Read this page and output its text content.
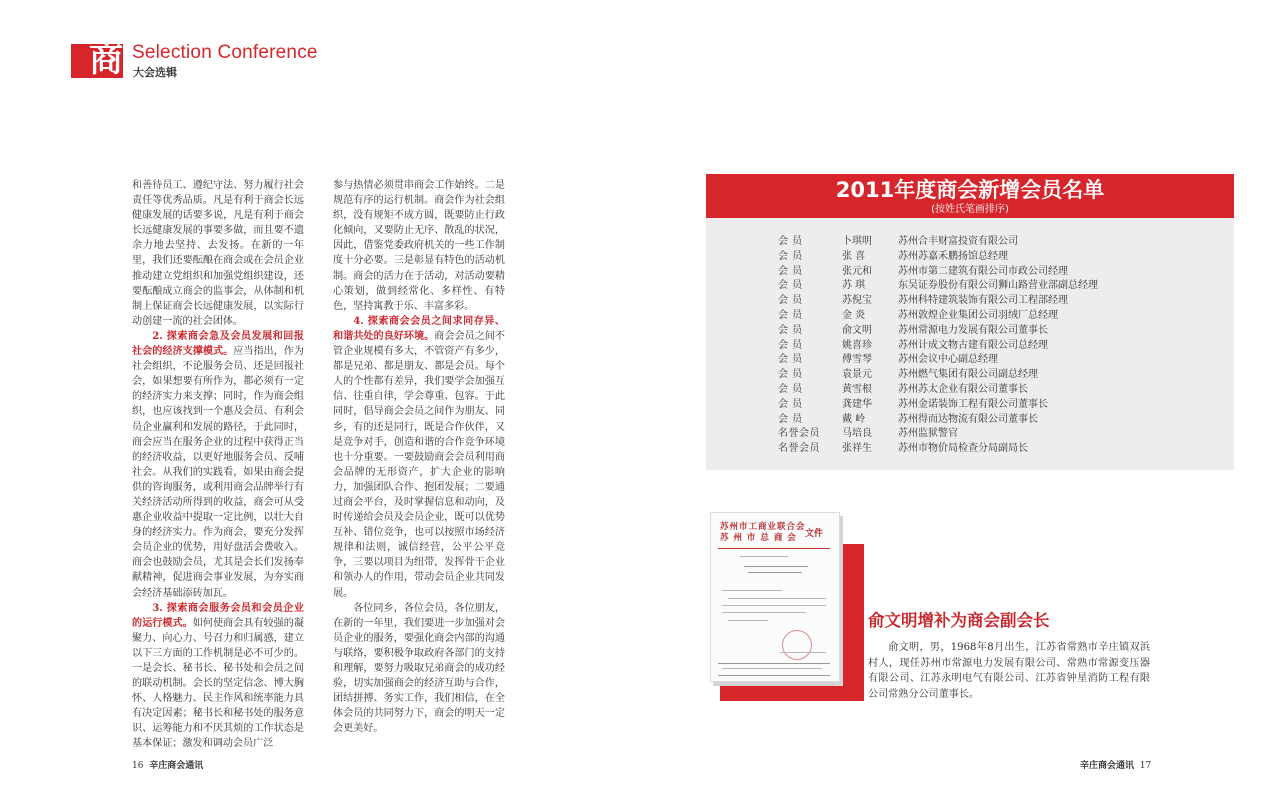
商 Selection Conference
大会选辑

和善待员工、遵纪守法、努力履行社会责任等优秀品质。凡是有利于商会长远健康发展的话要多说，凡是有利于商会长远健康发展的事要多做，而且要不遗余力地去坚持、去发扬。在新的一年里，我们还要酝酿在商会或在会员企业推动建立党组织和加强党组织建设，还要酝酿成立商会的监事会，从体制和机制上保证商会长远健康发展，以实际行动创建一流的社会团体。

2. 探索商会急及会员发展和回报社会的经济支撑模式。应当指出，作为社会组织，不论服务会员、还是回报社会，如果想要有所作为，都必须有一定的经济实力来支撑；同时，作为商会组织，也应该找到一个惠及会员、有利会员企业赢利和发展的路径，于此同时，商会应当在服务企业的过程中获得正当的经济收益，以更好地服务会员、反哺社会。从我们的实践看，如果由商会提供的咨询服务，或利用商会品牌举行有关经济活动所得到的收益，商会可从受惠企业收益中提取一定比例，以壮大自身的经济实力。作为商会，要充分发挥会员企业的优势，用好盘活会费收入。商会也鼓励会员，尤其是会长们发扬奉献精神，促进商会事业发展，为夯实商会经济基础添砖加瓦。

3. 探索商会服务会员和会员企业的运行模式。如何使商会具有较强的凝聚力、向心力、号召力和归属感，建立以下三方面的工作机制是必不可少的。一是会长、秘书长、秘书处和会员之间的联动机制。会长的坚定信念、博大胸怀、人格魅力、民主作风和统率能力具有决定因素；秘书长和秘书处的服务意识、运筹能力和不厌其烦的工作状态是基本保证；激发和调动会员广泛

参与热情必须贯串商会工作始终。二是规范有序的运行机制。商会作为社会组织，没有规矩不成方圆，既要防止行政化倾向，又要防止无序、散乱的状况，因此，借鉴党委政府机关的一些工作制度十分必要。三是彰显有特色的活动机制。商会的活力在于活动，对活动要精心策划，做到经常化、多样性、有特色，坚持寓教于乐、丰富多彩。

4. 探索商会会员之间求同存异、和谐共处的良好环境。商会会员之间不管企业规模有多大，不管资产有多少，都是兄弟、都是朋友、都是会员。每个人的个性都有差异，我们要学会加强互信、往重自律，学会尊重、包容。于此同时，倡导商会会员之间作为朋友、同乡，有的还是同行，既是合作伙伴，又是竞争对手，创造和谐的合作竞争环境也十分重要。一要鼓励商会会员利用商会品牌的无形资产，扩大企业的影响力，加强团队合作、抱团发展；二要通过商会平台，及时掌握信息和动向，及时传递给会员及会员企业，既可以优势互补、错位竞争，也可以按照市场经济规律和法则，诚信经营，公平公平竞争，三要以项目为纽带，发挥骨干企业和领办人的作用，带动会员企业共同发展。

各位同乡，各位会员，各位朋友，在新的一年里，我们要进一步加强对会员企业的服务，要强化商会内部的沟通与联络，要积极争取政府各部门的支持和理解，要努力吸取兄弟商会的成功经验，切实加强商会的经济互助与合作，团结拼搏、务实工作，我们相信，在全体会员的共同努力下，商会的明天一定会更美好。

2011年度商会新增会员名单
(按姓氏笔画排序)
会 员	卜琪明	苏州合丰财富投资有限公司
会 员	张 喜	苏州苏嘉禾鹏扬馆总经理
会 员	张元和	苏州市第二建筑有限公司市政公司经理
会 员	苏 琪	东吴证券股份有限公司狮山路营业部副总经理
会 员	苏倪宝	苏州科特建筑装饰有限公司工程部经理
会 员	金 炎	苏州敦煌企业集团公司羽绒厂总经理
会 员	俞文明	苏州常源电力发展有限公司董事长
会 员	姚喜珍	苏州计成文物古建有限公司总经理
会 员	傅雪琴	苏州会议中心副总经理
会 员	袁景元	苏州燃气集团有限公司副总经理
会 员	黄雪根	苏州苏太企业有限公司董事长
会 员	龚建华	苏州金诺装饰工程有限公司董事长
会 员	戴 岭	苏州得而达物流有限公司董事长
名誉会员	马培良	苏州监狱警官
名誉会员	张祥生	苏州市物价局检查分局副局长
苏州市工商业联合会 苏 州 市 总 商 会 文件
俞文明增补为商会副会长
俞文明，男，1968年8月出生，江苏省常熟市辛庄镇双浜村人，现任苏州市常源电力发展有限公司、常熟市常源变压器有限公司、江苏永明电气有限公司、江苏省钟星消防工程有限公司常熟分公司董事长。
16 辛庄商会通讯	辛庄商会通讯 17
